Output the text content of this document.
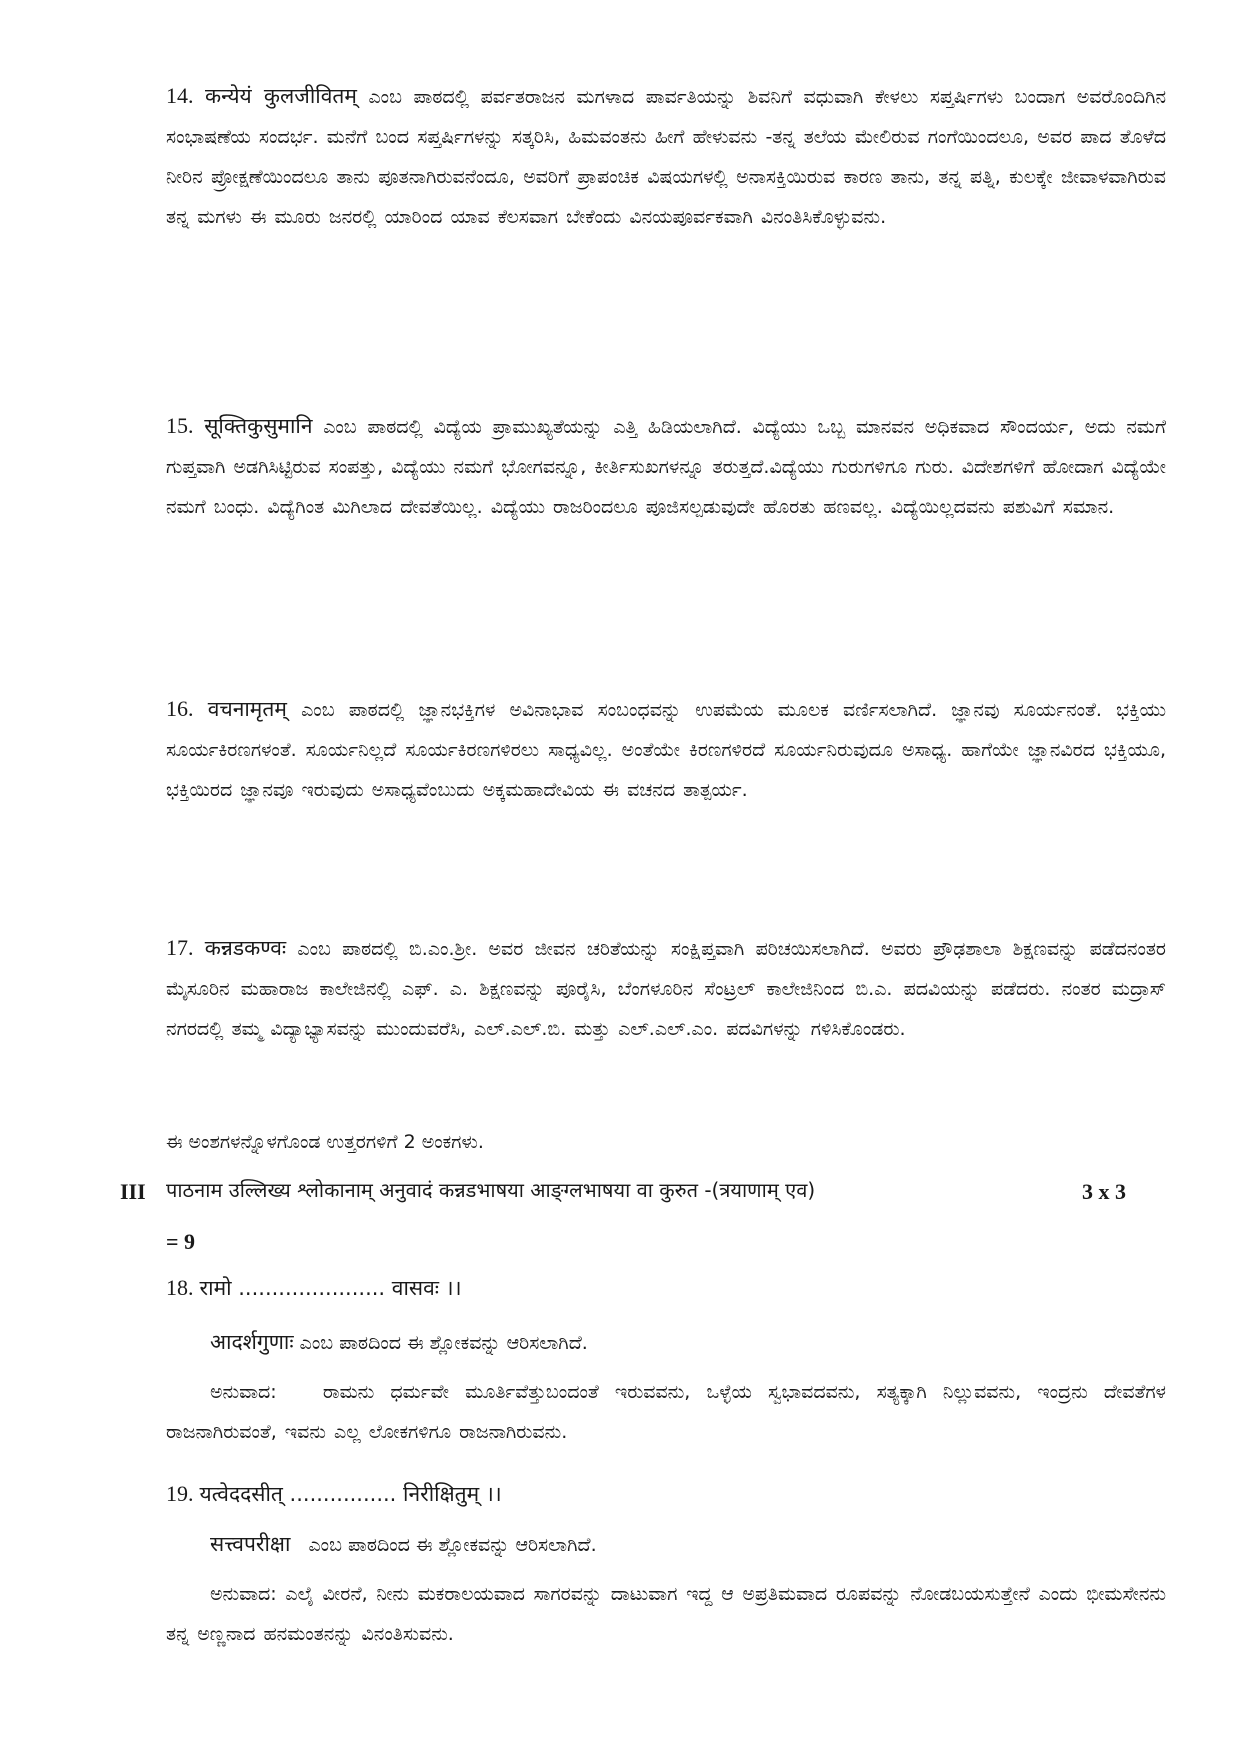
14. कन्येयं कुलजीवितम् ಎಂಬ ಪಾಠದಲ್ಲಿ ಪರ್ವತರಾಜನ ಮಗಳಾದ ಪಾರ್ವತಿಯನ್ನು ಶಿವನಿಗೆ ವಧುವಾಗಿ ಕೇಳಲು ಸಪ್ತರ್ಷಿಗಳು ಬಂದಾಗ ಅವರೊಂದಿಗಿನ ಸಂಭಾಷಣೆಯ ಸಂದರ್ಭ. ಮನೆಗೆ ಬಂದ ಸಪ್ತರ್ಷಿಗಳನ್ನು ಸತ್ಕರಿಸಿ, ಹಿಮವಂತನು ಹೀಗೆ ಹೇಳುವನು -ತನ್ನ ತಲೆಯ ಮೇಲಿರುವ ಗಂಗೆಯಿಂದಲೂ, ಅವರ ಪಾದ ತೊಳೆದ ನೀರಿನ ಪ್ರೋಕ್ಷಣೆಯಿಂದಲೂ ತಾನು ಪೂತನಾಗಿರುವನೆಂದೂ, ಅವರಿಗೆ ಪ್ರಾಪಂಚಿಕ ವಿಷಯಗಳಲ್ಲಿ ಅನಾಸಕ್ತಿಯಿರುವ ಕಾರಣ ತಾನು, ತನ್ನ ಪತ್ನಿ, ಕುಲಕ್ಕೇ ಜೀವಾಳವಾಗಿರುವ ತನ್ನ ಮಗಳು ಈ ಮೂರು ಜನರಲ್ಲಿ ಯಾರಿಂದ ಯಾವ ಕೆಲಸವಾಗ ಬೇಕೆಂದು ವಿನಯಪೂರ್ವಕವಾಗಿ ವಿನಂತಿಸಿಕೊಳ್ಳುವನು.
15. सूक्तिकुसुमानि ಎಂಬ ಪಾಠದಲ್ಲಿ ವಿದ್ಯೆಯ ಪ್ರಾಮುಖ್ಯತೆಯನ್ನು ಎತ್ತಿ ಹಿಡಿಯಲಾಗಿದೆ. ವಿದ್ಯೆಯು ಒಬ್ಬ ಮಾನವನ ಅಧಿಕವಾದ ಸೌಂದರ್ಯ, ಅದು ನಮಗೆ ಗುಪ್ತವಾಗಿ ಅಡಗಿಸಿಟ್ಟಿರುವ ಸಂಪತ್ತು, ವಿದ್ಯೆಯು ನಮಗೆ ಭೋಗವನ್ನೂ, ಕೀರ್ತಿಸುಖಗಳನ್ನೂ ತರುತ್ತದೆ.ವಿದ್ಯೆಯು ಗುರುಗಳಿಗೂ ಗುರು. ವಿದೇಶಗಳಿಗೆ ಹೋದಾಗ ವಿದ್ಯೆಯೇ ನಮಗೆ ಬಂಧು. ವಿದ್ಯೆಗಿಂತ ಮಿಗಿಲಾದ ದೇವತೆಯಿಲ್ಲ. ವಿದ್ಯೆಯು ರಾಜರಿಂದಲೂ ಪೂಜಿಸಲ್ಪಡುವುದೇ ಹೊರತು ಹಣವಲ್ಲ. ವಿದ್ಯೆಯಿಲ್ಲದವನು ಪಶುವಿಗೆ ಸಮಾನ.
16. वचनामृतम् ಎಂಬ ಪಾಠದಲ್ಲಿ ಜ್ಞಾನಭಕ್ತಿಗಳ ಅವಿನಾಭಾವ ಸಂಬಂಧವನ್ನು ಉಪಮೆಯ ಮೂಲಕ ವರ್ಣಿಸಲಾಗಿದೆ. ಜ್ಞಾನವು ಸೂರ್ಯನಂತೆ. ಭಕ್ತಿಯು ಸೂರ್ಯಕಿರಣಗಳಂತೆ. ಸೂರ್ಯನಿಲ್ಲದೆ ಸೂರ್ಯಕಿರಣಗಳಿರಲು ಸಾಧ್ಯವಿಲ್ಲ. ಅಂತೆಯೇ ಕಿರಣಗಳಿರದೆ ಸೂರ್ಯನಿರುವುದೂ ಅಸಾಧ್ಯ. ಹಾಗೆಯೇ ಜ್ಞಾನವಿರದ ಭಕ್ತಿಯೂ, ಭಕ್ತಿಯಿರದ ಜ್ಞಾನವೂ ಇರುವುದು ಅಸಾಧ್ಯವೆಂಬುದು ಅಕ್ಕಮಹಾದೇವಿಯ ಈ ವಚನದ ತಾತ್ಪರ್ಯ.
17. कन्नडकण्वः ಎಂಬ ಪಾಠದಲ್ಲಿ ಬಿ.ಎಂ.ಶ್ರೀ. ಅವರ ಜೀವನ ಚರಿತೆಯನ್ನು ಸಂಕ್ಷಿಪ್ತವಾಗಿ ಪರಿಚಯಿಸಲಾಗಿದೆ. ಅವರು ಪ್ರೌಢಶಾಲಾ ಶಿಕ್ಷಣವನ್ನು ಪಡೆದನಂತರ ಮೈಸೂರಿನ ಮಹಾರಾಜ ಕಾಲೇಜಿನಲ್ಲಿ ಎಫ್. ಎ. ಶಿಕ್ಷಣವನ್ನು ಪೂರೈಸಿ, ಬೆಂಗಳೂರಿನ ಸೆಂಟ್ರಲ್ ಕಾಲೇಜಿನಿಂದ ಬಿ.ಎ. ಪದವಿಯನ್ನು ಪಡೆದರು. ನಂತರ ಮದ್ರಾಸ್ ನಗರದಲ್ಲಿ ತಮ್ಮ ವಿದ್ಯಾಭ್ಯಾಸವನ್ನು ಮುಂದುವರೆಸಿ, ಎಲ್.ಎಲ್.ಬಿ. ಮತ್ತು ಎಲ್.ಎಲ್.ಎಂ. ಪದವಿಗಳನ್ನು ಗಳಿಸಿಕೊಂಡರು.
ಈ ಅಂಶಗಳನ್ನೊಳಗೊಂಡ ಉತ್ತರಗಳಿಗೆ 2 ಅಂಕಗಳು.
III पाठनाम उल्लिख्य श्लोकानाम् अनुवादं कन्नडभाषया आङ्ग्लभाषया वा कुरुत -(त्रयाणाम् एव)	3 x 3
= 9
18. रामो ...................... वासवः ।।
आदर्शगुणाः ಎಂಬ ಪಾಠದಿಂದ ಈ ಶ್ಲೋಕವನ್ನು ಆರಿಸಲಾಗಿದೆ.
ಅನುವಾದ: ರಾಮನು ಧರ್ಮವೇ ಮೂರ್ತಿವೆತ್ತುಬಂದಂತೆ ಇರುವವನು, ಒಳ್ಳೆಯ ಸ್ವಭಾವದವನು, ಸತ್ಯಕ್ಕಾಗಿ ನಿಲ್ಲುವವನು, ಇಂದ್ರನು ದೇವತೆಗಳ ರಾಜನಾಗಿರುವಂತೆ, ಇವನು ಎಲ್ಲ ಲೋಕಗಳಿಗೂ ರಾಜನಾಗಿರುವನು.
19. यत्वेददसीत् ................ निरीक्षितुम् ।।
सत्त्वपरीक्षा ಎಂಬ ಪಾಠದಿಂದ ಈ ಶ್ಲೋಕವನ್ನು ಆರಿಸಲಾಗಿದೆ.
ಅನುವಾದ: ಎಲೈ ವೀರನೆ, ನೀನು ಮಕರಾಲಯವಾದ ಸಾಗರವನ್ನು ದಾಟುವಾಗ ಇದ್ದ ಆ ಅಪ್ರತಿಮವಾದ ರೂಪವನ್ನು ನೋಡಬಯಸುತ್ತೇನೆ ಎಂದು ಭೀಮಸೇನನು ತನ್ನ ಅಣ್ಣನಾದ ಹನಮಂತನನ್ನು ವಿನಂತಿಸುವನು.
